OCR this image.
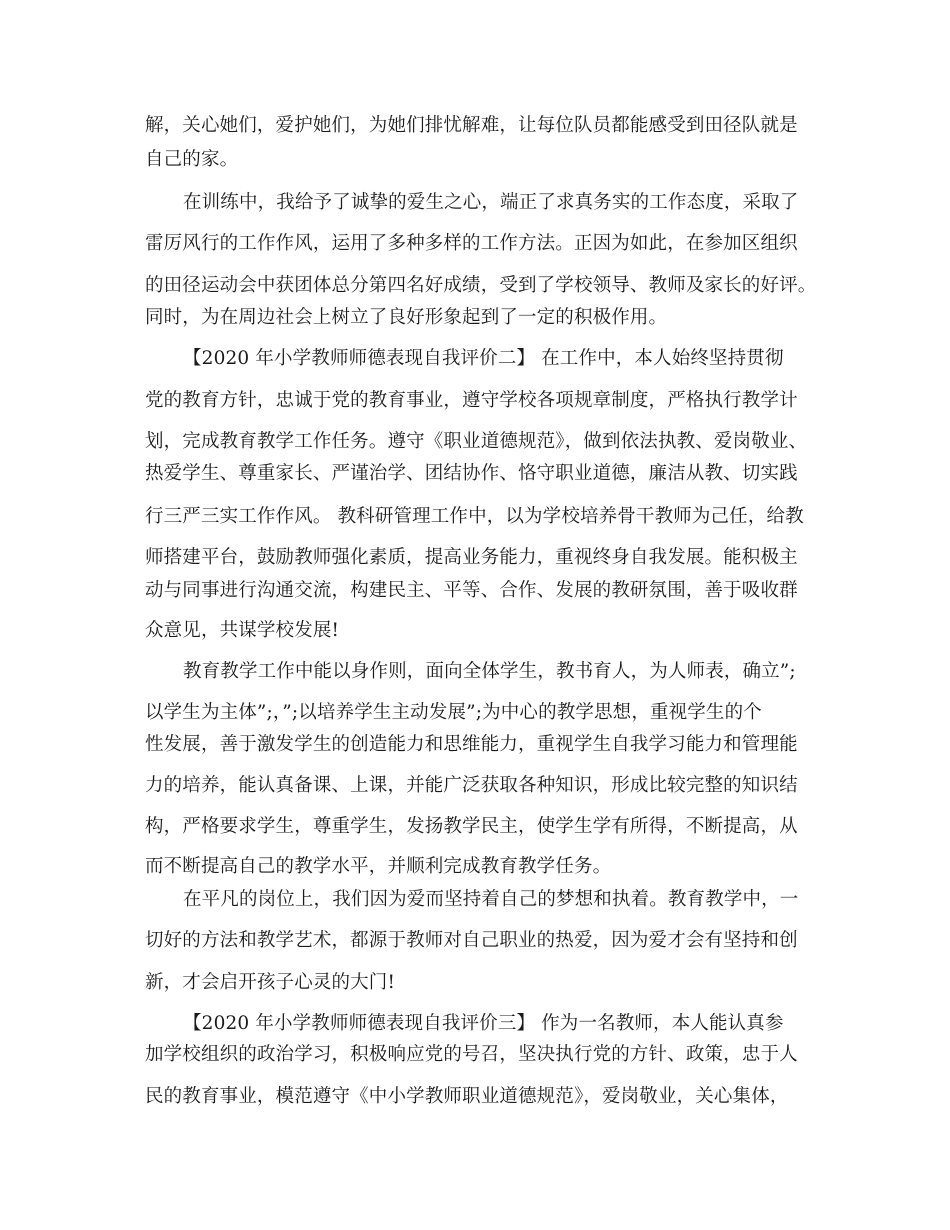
解，关心她们，爱护她们，为她们排忧解难，让每位队员都能感受到田径队就是
自己的家。
在训练中，我给予了诚挚的爱生之心，端正了求真务实的工作态度，采取了
雷厉风行的工作作风，运用了多种多样的工作方法。正因为如此，在参加区组织
的田径运动会中获团体总分第四名好成绩，受到了学校领导、教师及家长的好评。
同时，为在周边社会上树立了良好形象起到了一定的积极作用。
【2020 年小学教师师德表现自我评价二】 在工作中，本人始终坚持贯彻
党的教育方针，忠诚于党的教育事业，遵守学校各项规章制度，严格执行教学计
划，完成教育教学工作任务。遵守《职业道德规范》，做到依法执教、爱岗敬业、
热爱学生、尊重家长、严谨治学、团结协作、恪守职业道德，廉洁从教、切实践
行三严三实工作作风。 教科研管理工作中，以为学校培养骨干教师为己任，给教
师搭建平台，鼓励教师强化素质，提高业务能力，重视终身自我发展。能积极主
动与同事进行沟通交流，构建民主、平等、合作、发展的教研氛围，善于吸收群
众意见，共谋学校发展!
教育教学工作中能以身作则，面向全体学生，教书育人，为人师表，确立”;
以学生为主体”;，”;以培养学生主动发展”;为中心的教学思想，重视学生的个
性发展，善于激发学生的创造能力和思维能力，重视学生自我学习能力和管理能
力的培养，能认真备课、上课，并能广泛获取各种知识，形成比较完整的知识结
构，严格要求学生，尊重学生，发扬教学民主，使学生学有所得，不断提高，从
而不断提高自己的教学水平，并顺利完成教育教学任务。
在平凡的岗位上，我们因为爱而坚持着自己的梦想和执着。教育教学中，一
切好的方法和教学艺术，都源于教师对自己职业的热爱，因为爱才会有坚持和创
新，才会启开孩子心灵的大门!
【2020 年小学教师师德表现自我评价三】 作为一名教师，本人能认真参
加学校组织的政治学习，积极响应党的号召，坚决执行党的方针、政策，忠于人
民的教育事业，模范遵守《中小学教师职业道德规范》，爱岗敬业，关心集体，
